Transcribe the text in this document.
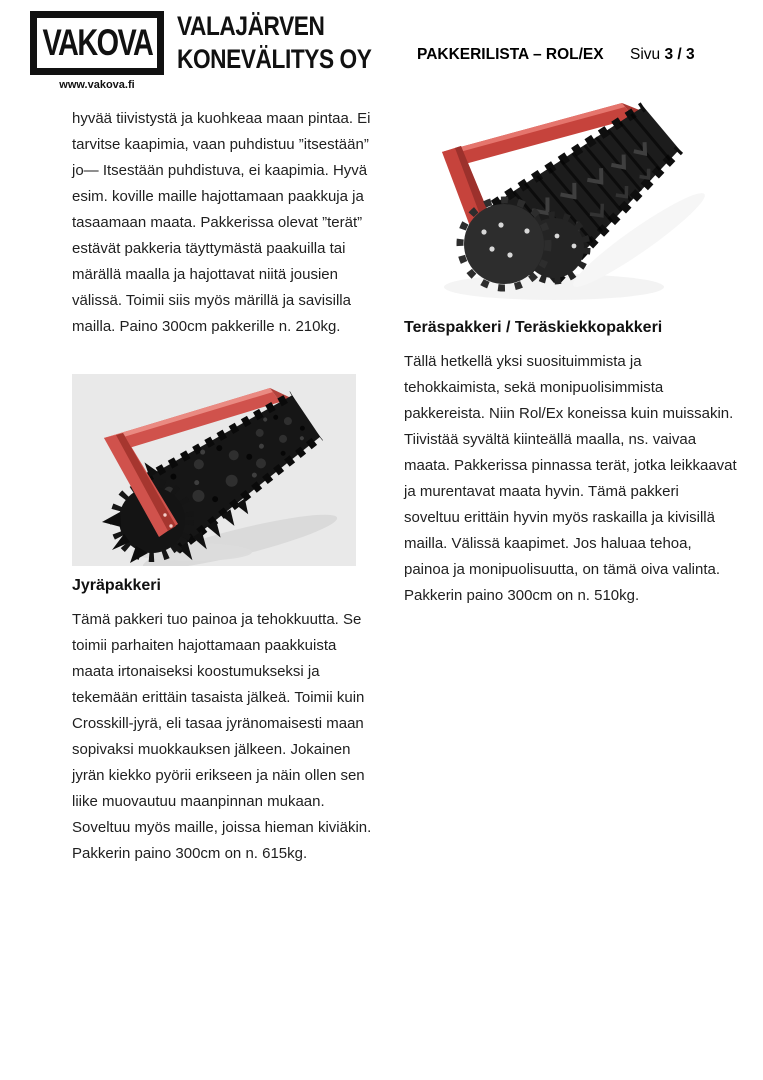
VAKOVA
www.vakova.fi
VALAJÄRVEN
KONEVÄLITYS OY	PAKKERILISTA – ROL/EX Sivu 3 / 3

hyvää tiivistystä ja kuohkeaa maan pintaa. Ei tarvitse kaapimia, vaan puhdistuu ”itsestään” jo— Itsestään puhdistuva, ei kaapimia. Hyvä esim. koville maille hajottamaan paakkuja ja tasaamaan maata. Pakkerissa olevat ”terät” estävät pakkeria täyttymästä paakuilla tai märällä maalla ja hajottavat niitä jousien välissä. Toimii siis myös märillä ja savisilla mailla. Paino 300cm pakkerille n. 210kg.

Jyräpakkeri

Tämä pakkeri tuo painoa ja tehokkuutta. Se toimii parhaiten hajottamaan paakkuista maata irtonaiseksi koostumukseksi ja tekemään erittäin tasaista jälkeä. Toimii kuin Crosskill-jyrä, eli tasaa jyränomaisesti maan sopivaksi muokkauksen jälkeen. Jokainen jyrän kiekko pyörii erikseen ja näin ollen sen liike muovautuu maanpinnan mukaan. Soveltuu myös maille, joissa hieman kiviäkin. Pakkerin paino 300cm on n. 615kg.

Teräspakkeri / Teräskiekkopakkeri

Tällä hetkellä yksi suosituimmista ja tehokkaimista, sekä monipuolisimmista pakkereista. Niin Rol/Ex koneissa kuin muissakin. Tiivistää syvältä kiinteällä maalla, ns. vaivaa maata. Pakkerissa pinnassa terät, jotka leikkaavat ja murentavat maata hyvin. Tämä pakkeri soveltuu erittäin hyvin myös raskailla ja kivisillä mailla. Välissä kaapimet. Jos haluaa tehoa, painoa ja monipuolisuutta, on tämä oiva valinta. Pakkerin paino 300cm on n. 510kg.
